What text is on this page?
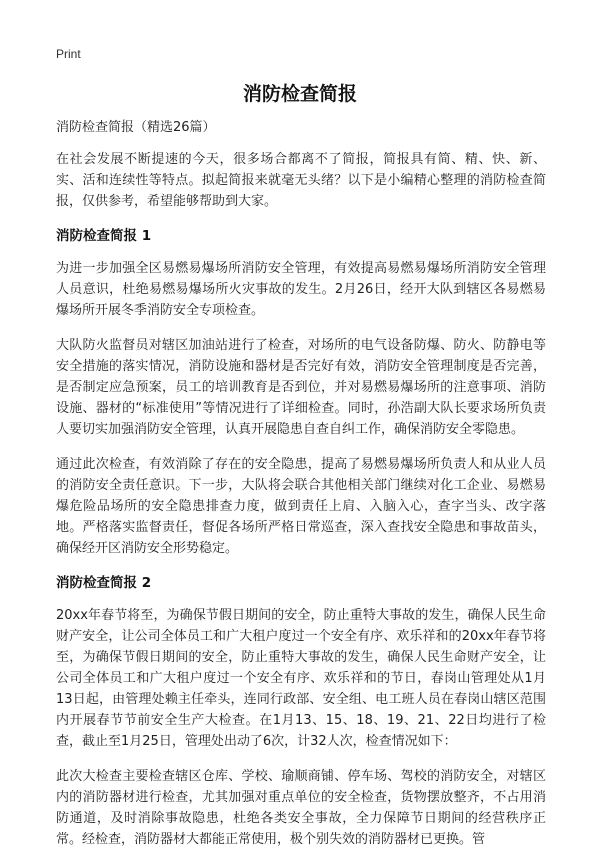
Print
消防检查简报
消防检查简报（精选26篇）

在社会发展不断提速的今天，很多场合都离不了简报，简报具有简、精、快、新、实、活和连续性等特点。拟起简报来就毫无头绪？以下是小编精心整理的消防检查简报，仅供参考，希望能够帮助到大家。

消防检查简报 1

为进一步加强全区易燃易爆场所消防安全管理，有效提高易燃易爆场所消防安全管理人员意识，杜绝易燃易爆场所火灾事故的发生。2月26日，经开大队到辖区各易燃易爆场所开展冬季消防安全专项检查。

大队防火监督员对辖区加油站进行了检查，对场所的电气设备防爆、防火、防静电等安全措施的落实情况，消防设施和器材是否完好有效，消防安全管理制度是否完善，是否制定应急预案，员工的培训教育是否到位，并对易燃易爆场所的注意事项、消防设施、器材的“标准使用”等情况进行了详细检查。同时，孙浩副大队长要求场所负责人要切实加强消防安全管理，认真开展隐患自查自纠工作，确保消防安全零隐患。

通过此次检查，有效消除了存在的安全隐患，提高了易燃易爆场所负责人和从业人员的消防安全责任意识。下一步，大队将会联合其他相关部门继续对化工企业、易燃易爆危险品场所的安全隐患排查力度，做到责任上肩、入脑入心，查字当头、改字落地。严格落实监督责任，督促各场所严格日常巡查，深入查找安全隐患和事故苗头，确保经开区消防安全形势稳定。

消防检查简报 2

20xx年春节将至，为确保节假日期间的安全，防止重特大事故的发生，确保人民生命财产安全，让公司全体员工和广大租户度过一个安全有序、欢乐祥和的20xx年春节将至，为确保节假日期间的安全，防止重特大事故的发生，确保人民生命财产安全，让公司全体员工和广大租户度过一个安全有序、欢乐祥和的节日，春岗山管理处从1月13日起，由管理处赖主任牵头，连同行政部、安全组、电工班人员在春岗山辖区范围内开展春节节前安全生产大检查。在1月13、15、18、19、21、22日均进行了检查，截止至1月25日，管理处出动了6次，计32人次，检查情况如下：

此次大检查主要检查辖区仓库、学校、瑜顺商铺、停车场、驾校的消防安全，对辖区内的消防器材进行检查，尤其加强对重点单位的安全检查，货物摆放整齐，不占用消防通道，及时消除事故隐患，杜绝各类安全事故，全力保障节日期间的经营秩序正常。经检查，消防器材大都能正常使用，极个别失效的消防器材已更换。管
